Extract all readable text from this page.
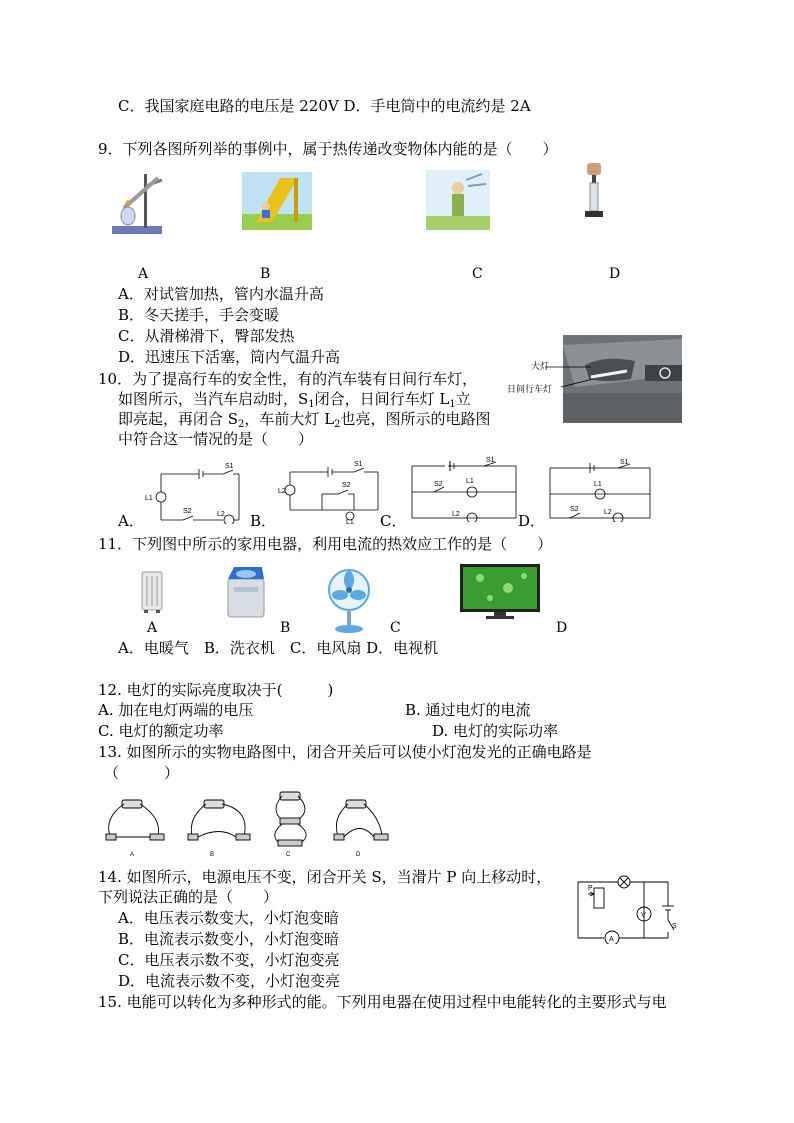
C．我国家庭电路的电压是 220V D．手电筒中的电流约是 2A
9．下列各图所列举的事例中，属于热传递改变物体内能的是（　　）
A	B	C	D
A．对试管加热，管内水温升高
B．冬天搓手，手会变暖
C．从滑梯滑下，臀部发热
D．迅速压下活塞，筒内气温升高
10．为了提高行车的安全性，有的汽车装有日间行车灯，
如图所示，当汽车启动时，$S_1$闭合，日间行车灯 $L_1$立
即亮起，再闭合 $S_2$，车前大灯 $L_2$也亮，图所示的电路图
中符合这一情况的是（　　）
大灯
日间行车灯
S1
L1
S2	L2
S1
L2
S2
L1
S1
S2	L1
L2
S1
L1
S2	L2
A．	B．	C．	D．
11．下列图中所示的家用电器，利用电流的热效应工作的是（　　）
A	B	C	D
A．电暖气　B．洗衣机　C．电风扇 D．电视机
12. 电灯的实际亮度取决于(　　　)
A. 加在电灯两端的电压	B. 通过电灯的电流
C. 电灯的额定功率	D. 电灯的实际功率
13. 如图所示的实物电路图中，闭合开关后可以使小灯泡发光的正确电路是
（　　　）
A	B	C	D
14. 如图所示，电源电压不变，闭合开关 S，当滑片 P 向上移动时，
下列说法正确的是（　　）
A．电压表示数变大，小灯泡变暗
B．电流表示数变小，小灯泡变暗
C．电压表示数不变，小灯泡变亮
D．电流表示数不变，小灯泡变亮
P
V
A
S
15. 电能可以转化为多种形式的能。下列用电器在使用过程中电能转化的主要形式与电
